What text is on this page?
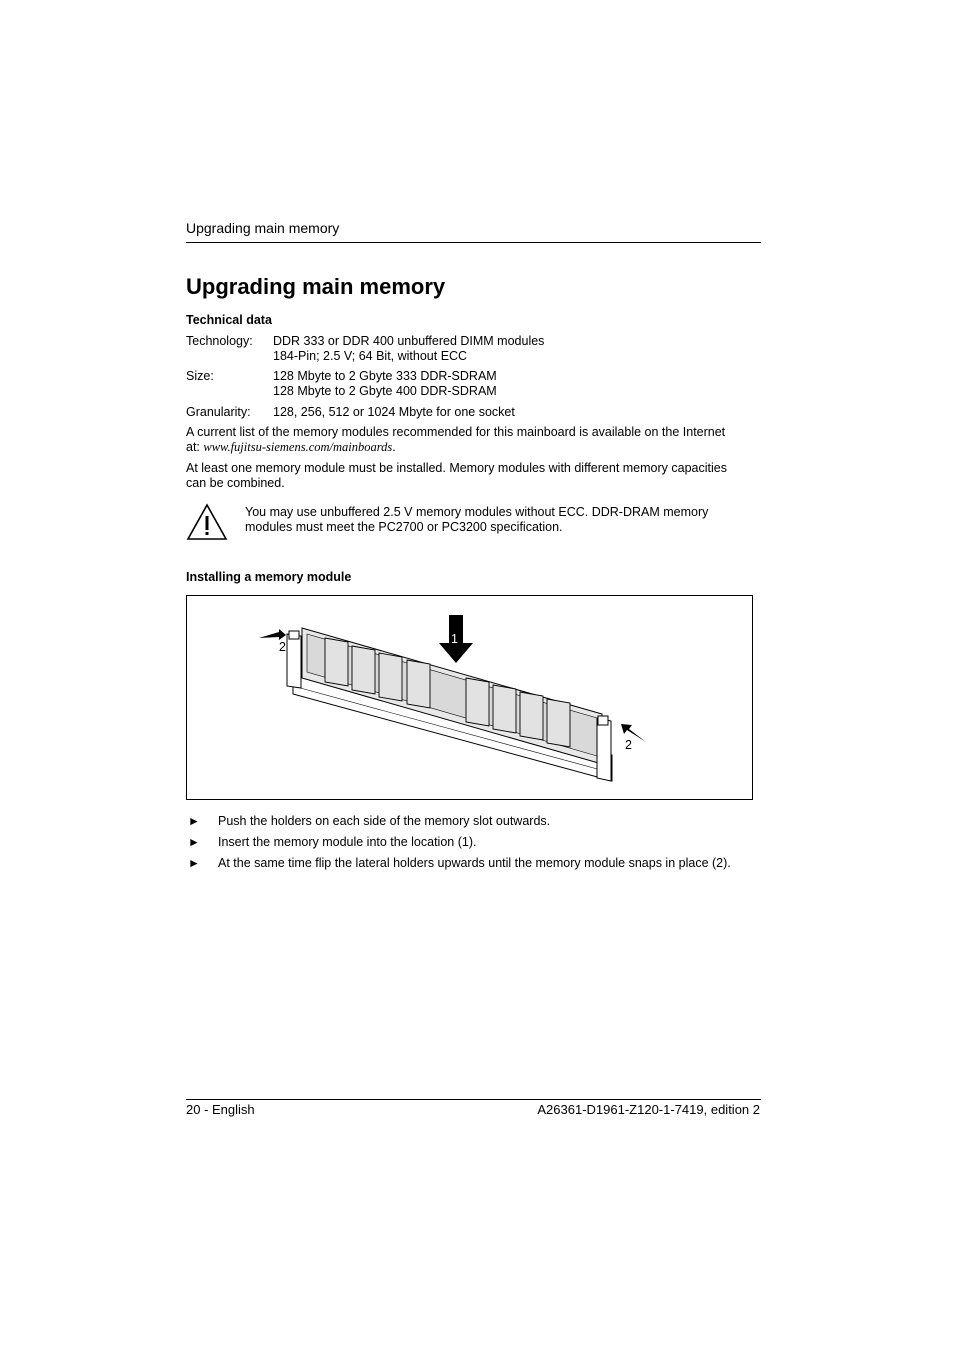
Upgrading main memory
Upgrading main memory
Technical data
Technology: DDR 333 or DDR 400 unbuffered DIMM modules
184-Pin; 2.5 V; 64 Bit, without ECC
Size:	128 Mbyte to 2 Gbyte 333 DDR-SDRAM
128 Mbyte to 2 Gbyte 400 DDR-SDRAM
Granularity: 128, 256, 512 or 1024 Mbyte for one socket
A current list of the memory modules recommended for this mainboard is available on the Internet
at: www.fujitsu-siemens.com/mainboards.
At least one memory module must be installed. Memory modules with different memory capacities
can be combined.
You may use unbuffered 2.5 V memory modules without ECC. DDR-DRAM memory
modules must meet the PC2700 or PC3200 specification.
Installing a memory module
1
2
2
► Push the holders on each side of the memory slot outwards.
► Insert the memory module into the location (1).
► At the same time flip the lateral holders upwards until the memory module snaps in place (2).
20 - English	A26361-D1961-Z120-1-7419, edition 2
